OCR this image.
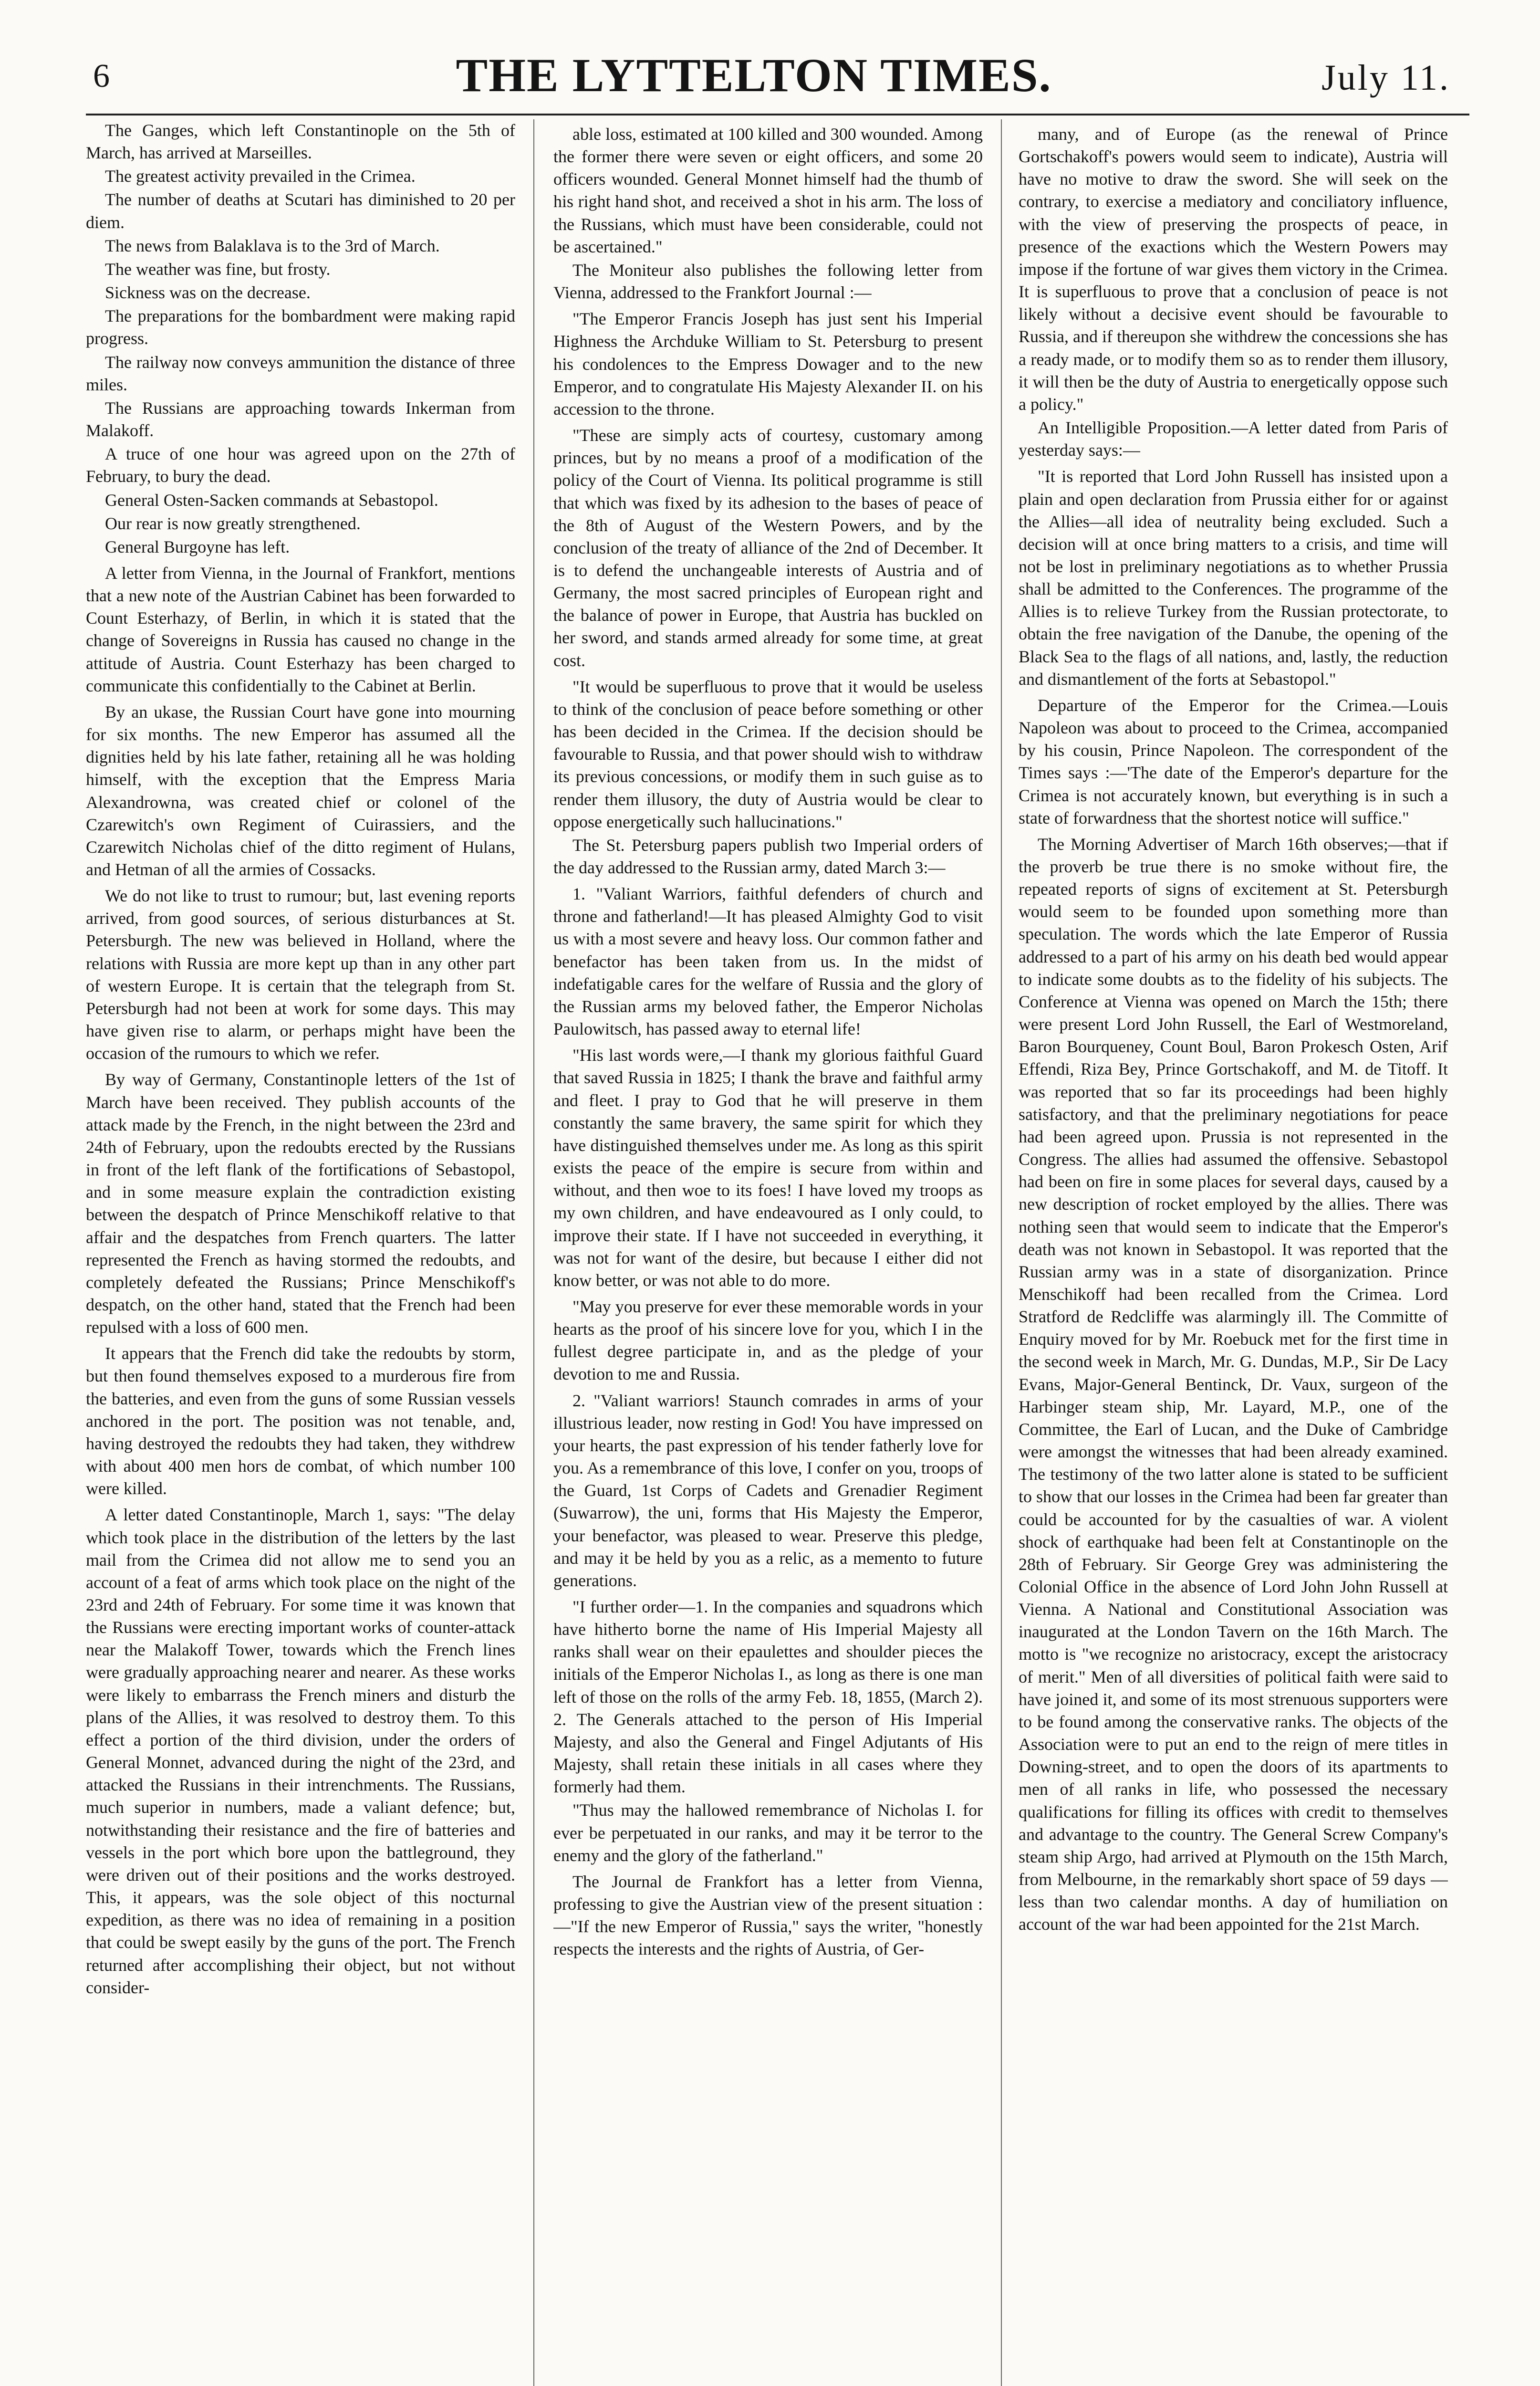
6	THE LYTTELTON TIMES.	July 11.

The Ganges, which left Constantinople on the 5th of March, has arrived at Marseilles.

The greatest activity prevailed in the Crimea.

The number of deaths at Scutari has diminished to 20 per diem.

The news from Balaklava is to the 3rd of March.

The weather was fine, but frosty.

Sickness was on the decrease.

The preparations for the bombardment were making rapid progress.

The railway now conveys ammunition the distance of three miles.

The Russians are approaching towards Inkerman from Malakoff.

A truce of one hour was agreed upon on the 27th of February, to bury the dead.

General Osten-Sacken commands at Sebastopol.

Our rear is now greatly strengthened.

General Burgoyne has left.

A letter from Vienna, in the Journal of Frankfort, mentions that a new note of the Austrian Cabinet has been forwarded to Count Esterhazy, of Berlin, in which it is stated that the change of Sovereigns in Russia has caused no change in the attitude of Austria. Count Esterhazy has been charged to communicate this confidentially to the Cabinet at Berlin.

By an ukase, the Russian Court have gone into mourning for six months. The new Emperor has assumed all the dignities held by his late father, retaining all he was holding himself, with the exception that the Empress Maria Alexandrowna, was created chief or colonel of the Czarewitch's own Regiment of Cuirassiers, and the Czarewitch Nicholas chief of the ditto regiment of Hulans, and Hetman of all the armies of Cossacks.

We do not like to trust to rumour; but, last evening reports arrived, from good sources, of serious disturbances at St. Petersburgh. The new was believed in Holland, where the relations with Russia are more kept up than in any other part of western Europe. It is certain that the telegraph from St. Petersburgh had not been at work for some days. This may have given rise to alarm, or perhaps might have been the occasion of the rumours to which we refer.

By way of Germany, Constantinople letters of the 1st of March have been received. They publish accounts of the attack made by the French, in the night between the 23rd and 24th of February, upon the redoubts erected by the Russians in front of the left flank of the fortifications of Sebastopol, and in some measure explain the contradiction existing between the despatch of Prince Menschikoff relative to that affair and the despatches from French quarters. The latter represented the French as having stormed the redoubts, and completely defeated the Russians; Prince Menschikoff's despatch, on the other hand, stated that the French had been repulsed with a loss of 600 men.

It appears that the French did take the redoubts by storm, but then found themselves exposed to a murderous fire from the batteries, and even from the guns of some Russian vessels anchored in the port. The position was not tenable, and, having destroyed the redoubts they had taken, they withdrew with about 400 men hors de combat, of which number 100 were killed.

A letter dated Constantinople, March 1, says: "The delay which took place in the distribution of the letters by the last mail from the Crimea did not allow me to send you an account of a feat of arms which took place on the night of the 23rd and 24th of February. For some time it was known that the Russians were erecting important works of counter-attack near the Malakoff Tower, towards which the French lines were gradually approaching nearer and nearer. As these works were likely to embarrass the French miners and disturb the plans of the Allies, it was resolved to destroy them. To this effect a portion of the third division, under the orders of General Monnet, advanced during the night of the 23rd, and attacked the Russians in their intrenchments. The Russians, much superior in numbers, made a valiant defence; but, notwithstanding their resistance and the fire of batteries and vessels in the port which bore upon the battleground, they were driven out of their positions and the works destroyed. This, it appears, was the sole object of this nocturnal expedition, as there was no idea of remaining in a position that could be swept easily by the guns of the port. The French returned after accomplishing their object, but not without consider-

able loss, estimated at 100 killed and 300 wounded. Among the former there were seven or eight officers, and some 20 officers wounded. General Monnet himself had the thumb of his right hand shot, and received a shot in his arm. The loss of the Russians, which must have been considerable, could not be ascertained."

The Moniteur also publishes the following letter from Vienna, addressed to the Frankfort Journal :—

"The Emperor Francis Joseph has just sent his Imperial Highness the Archduke William to St. Petersburg to present his condolences to the Empress Dowager and to the new Emperor, and to congratulate His Majesty Alexander II. on his accession to the throne.

"These are simply acts of courtesy, customary among princes, but by no means a proof of a modification of the policy of the Court of Vienna. Its political programme is still that which was fixed by its adhesion to the bases of peace of the 8th of August of the Western Powers, and by the conclusion of the treaty of alliance of the 2nd of December. It is to defend the unchangeable interests of Austria and of Germany, the most sacred principles of European right and the balance of power in Europe, that Austria has buckled on her sword, and stands armed already for some time, at great cost.

"It would be superfluous to prove that it would be useless to think of the conclusion of peace before something or other has been decided in the Crimea. If the decision should be favourable to Russia, and that power should wish to withdraw its previous concessions, or modify them in such guise as to render them illusory, the duty of Austria would be clear to oppose energetically such hallucinations."

The St. Petersburg papers publish two Imperial orders of the day addressed to the Russian army, dated March 3:—

1. "Valiant Warriors, faithful defenders of church and throne and fatherland!—It has pleased Almighty God to visit us with a most severe and heavy loss. Our common father and benefactor has been taken from us. In the midst of indefatigable cares for the welfare of Russia and the glory of the Russian arms my beloved father, the Emperor Nicholas Paulowitsch, has passed away to eternal life!

"His last words were,—I thank my glorious faithful Guard that saved Russia in 1825; I thank the brave and faithful army and fleet. I pray to God that he will preserve in them constantly the same bravery, the same spirit for which they have distinguished themselves under me. As long as this spirit exists the peace of the empire is secure from within and without, and then woe to its foes! I have loved my troops as my own children, and have endeavoured as I only could, to improve their state. If I have not succeeded in everything, it was not for want of the desire, but because I either did not know better, or was not able to do more.

"May you preserve for ever these memorable words in your hearts as the proof of his sincere love for you, which I in the fullest degree participate in, and as the pledge of your devotion to me and Russia.

2. "Valiant warriors! Staunch comrades in arms of your illustrious leader, now resting in God! You have impressed on your hearts, the past expression of his tender fatherly love for you. As a remembrance of this love, I confer on you, troops of the Guard, 1st Corps of Cadets and Grenadier Regiment (Suwarrow), the uni, forms that His Majesty the Emperor, your benefactor, was pleased to wear. Preserve this pledge, and may it be held by you as a relic, as a memento to future generations.

"I further order—1. In the companies and squadrons which have hitherto borne the name of His Imperial Majesty all ranks shall wear on their epaulettes and shoulder pieces the initials of the Emperor Nicholas I., as long as there is one man left of those on the rolls of the army Feb. 18, 1855, (March 2). 2. The Generals attached to the person of His Imperial Majesty, and also the General and Fingel Adjutants of His Majesty, shall retain these initials in all cases where they formerly had them.

"Thus may the hallowed remembrance of Nicholas I. for ever be perpetuated in our ranks, and may it be terror to the enemy and the glory of the fatherland."

The Journal de Frankfort has a letter from Vienna, professing to give the Austrian view of the present situation :—"If the new Emperor of Russia," says the writer, "honestly respects the interests and the rights of Austria, of Ger-

many, and of Europe (as the renewal of Prince Gortschakoff's powers would seem to indicate), Austria will have no motive to draw the sword. She will seek on the contrary, to exercise a mediatory and conciliatory influence, with the view of preserving the prospects of peace, in presence of the exactions which the Western Powers may impose if the fortune of war gives them victory in the Crimea. It is superfluous to prove that a conclusion of peace is not likely without a decisive event should be favourable to Russia, and if thereupon she withdrew the concessions she has a ready made, or to modify them so as to render them illusory, it will then be the duty of Austria to energetically oppose such a policy."

An Intelligible Proposition.—A letter dated from Paris of yesterday says:—

"It is reported that Lord John Russell has insisted upon a plain and open declaration from Prussia either for or against the Allies—all idea of neutrality being excluded. Such a decision will at once bring matters to a crisis, and time will not be lost in preliminary negotiations as to whether Prussia shall be admitted to the Conferences. The programme of the Allies is to relieve Turkey from the Russian protectorate, to obtain the free navigation of the Danube, the opening of the Black Sea to the flags of all nations, and, lastly, the reduction and dismantlement of the forts at Sebastopol."

Departure of the Emperor for the Crimea.—Louis Napoleon was about to proceed to the Crimea, accompanied by his cousin, Prince Napoleon. The correspondent of the Times says :—'The date of the Emperor's departure for the Crimea is not accurately known, but everything is in such a state of forwardness that the shortest notice will suffice."

The Morning Advertiser of March 16th observes;—that if the proverb be true there is no smoke without fire, the repeated reports of signs of excitement at St. Petersburgh would seem to be founded upon something more than speculation. The words which the late Emperor of Russia addressed to a part of his army on his death bed would appear to indicate some doubts as to the fidelity of his subjects. The Conference at Vienna was opened on March the 15th; there were present Lord John Russell, the Earl of Westmoreland, Baron Bourqueney, Count Boul, Baron Prokesch Osten, Arif Effendi, Riza Bey, Prince Gortschakoff, and M. de Titoff. It was reported that so far its proceedings had been highly satisfactory, and that the preliminary negotiations for peace had been agreed upon. Prussia is not represented in the Congress. The allies had assumed the offensive. Sebastopol had been on fire in some places for several days, caused by a new description of rocket employed by the allies. There was nothing seen that would seem to indicate that the Emperor's death was not known in Sebastopol. It was reported that the Russian army was in a state of disorganization. Prince Menschikoff had been recalled from the Crimea. Lord Stratford de Redcliffe was alarmingly ill. The Committe of Enquiry moved for by Mr. Roebuck met for the first time in the second week in March, Mr. G. Dundas, M.P., Sir De Lacy Evans, Major-General Bentinck, Dr. Vaux, surgeon of the Harbinger steam ship, Mr. Layard, M.P., one of the Committee, the Earl of Lucan, and the Duke of Cambridge were amongst the witnesses that had been already examined. The testimony of the two latter alone is stated to be sufficient to show that our losses in the Crimea had been far greater than could be accounted for by the casualties of war. A violent shock of earthquake had been felt at Constantinople on the 28th of February. Sir George Grey was administering the Colonial Office in the absence of Lord John John Russell at Vienna. A National and Constitutional Association was inaugurated at the London Tavern on the 16th March. The motto is "we recognize no aristocracy, except the aristocracy of merit." Men of all diversities of political faith were said to have joined it, and some of its most strenuous supporters were to be found among the conservative ranks. The objects of the Association were to put an end to the reign of mere titles in Downing-street, and to open the doors of its apartments to men of all ranks in life, who possessed the necessary qualifications for filling its offices with credit to themselves and advantage to the country. The General Screw Company's steam ship Argo, had arrived at Plymouth on the 15th March, from Melbourne, in the remarkably short space of 59 days —less than two calendar months. A day of humiliation on account of the war had been appointed for the 21st March.
